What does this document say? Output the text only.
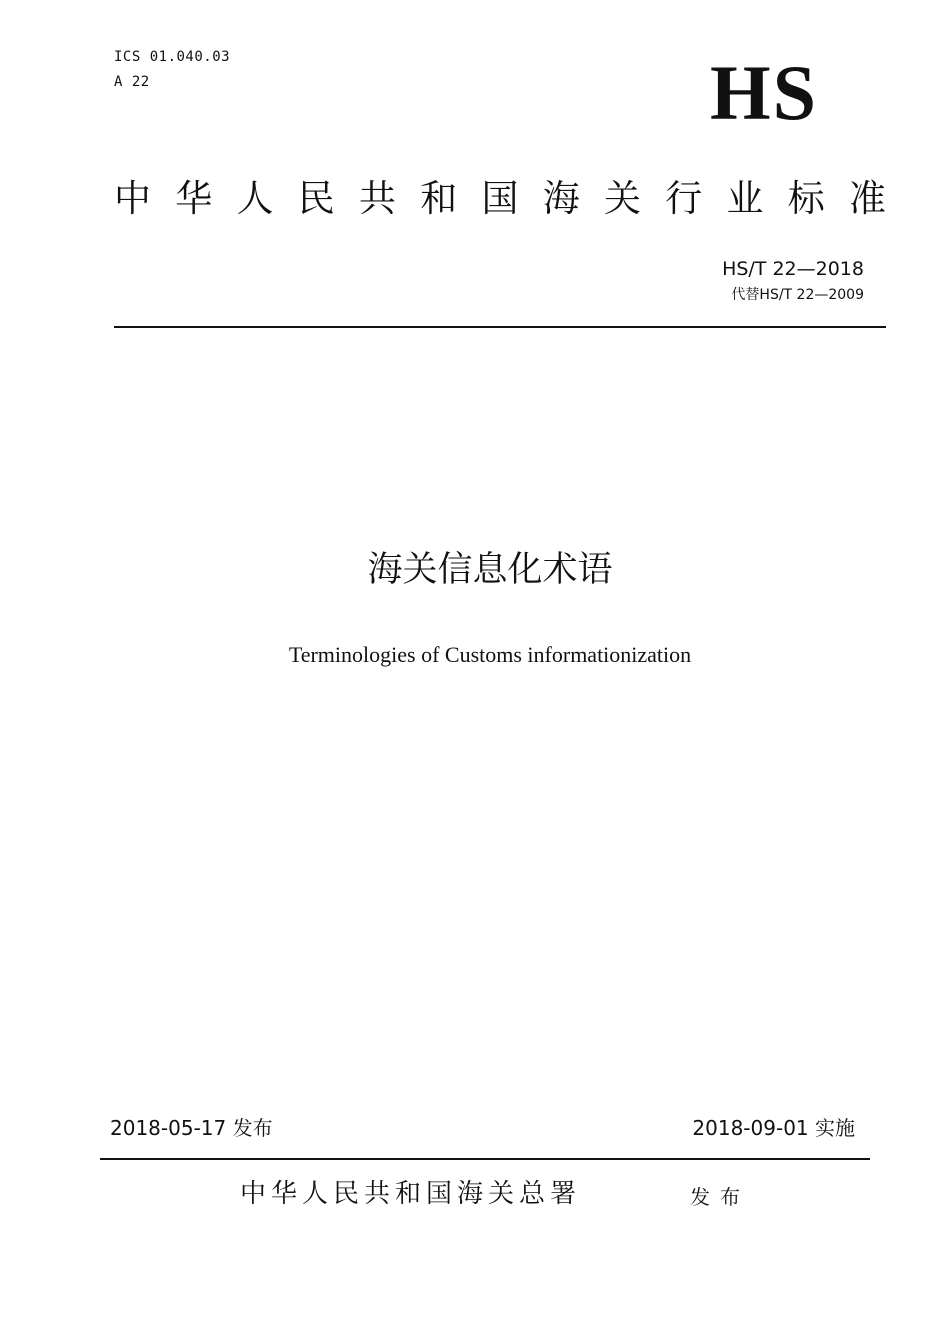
ICS 01.040.03
A 22	HS
中 华 人 民 共 和 国 海 关 行 业 标 准
HS/T 22—2018
代替HS/T 22—2009
海关信息化术语
Terminologies of Customs informationization
2018-05-17 发布	2018-09-01 实施
中华人民共和国海关总署	发布
